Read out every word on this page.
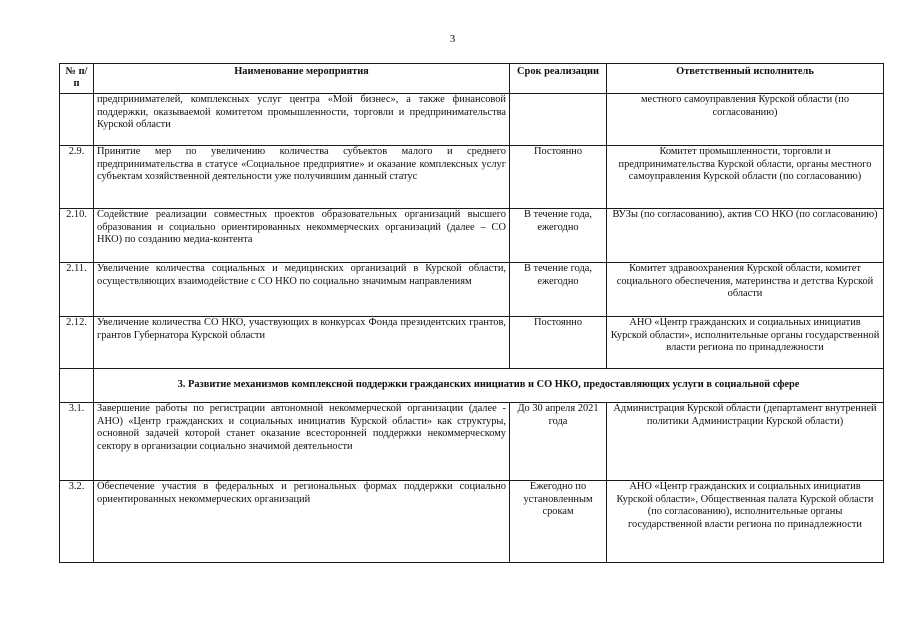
3
№ п/п	Наименование мероприятия	Срок реализации	Ответственный исполнитель
	предпринимателей, комплексных услуг центра «Мой бизнес», а также финансовой поддержки, оказываемой комитетом промышленности, торговли и предпринимательства Курской области		местного самоуправления Курской области (по согласованию)
2.9.	Принятие мер по увеличению количества субъектов малого и среднего предпринимательства в статусе «Социальное предприятие» и оказание комплексных услуг субъектам хозяйственной деятельности уже получившим данный статус	Постоянно	Комитет промышленности, торговли и предпринимательства Курской области, органы местного самоуправления Курской области (по согласованию)
2.10.	Содействие реализации совместных проектов образовательных организаций высшего образования и социально ориентированных некоммерческих организаций (далее – СО НКО) по созданию медиа-контента	В течение года, ежегодно	ВУЗы (по согласованию), актив СО НКО (по согласованию)
2.11.	Увеличение количества социальных и медицинских организаций в Курской области, осуществляющих взаимодействие с СО НКО по социально значимым направлениям	В течение года, ежегодно	Комитет здравоохранения Курской области, комитет социального обеспечения, материнства и детства Курской области
2.12.	Увеличение количества СО НКО, участвующих в конкурсах Фонда президентских грантов, грантов Губернатора Курской области	Постоянно	АНО «Центр гражданских и социальных инициатив Курской области», исполнительные органы государственной власти региона по принадлежности
	3. Развитие механизмов комплексной поддержки гражданских инициатив и СО НКО, предоставляющих услуги в социальной сфере		
3.1.	Завершение работы по регистрации автономной некоммерческой организации (далее - АНО) «Центр гражданских и социальных инициатив Курской области» как структуры, основной задачей которой станет оказание всесторонней поддержки некоммерческому сектору в организации социально значимой деятельности	До 30 апреля 2021 года	Администрация Курской области (департамент внутренней политики Администрации Курской области)
3.2.	Обеспечение участия в федеральных и региональных формах поддержки социально ориентированных некоммерческих организаций	Ежегодно по установленным срокам	АНО «Центр гражданских и социальных инициатив Курской области», Общественная палата Курской области (по согласованию), исполнительные органы государственной власти региона по принадлежности
